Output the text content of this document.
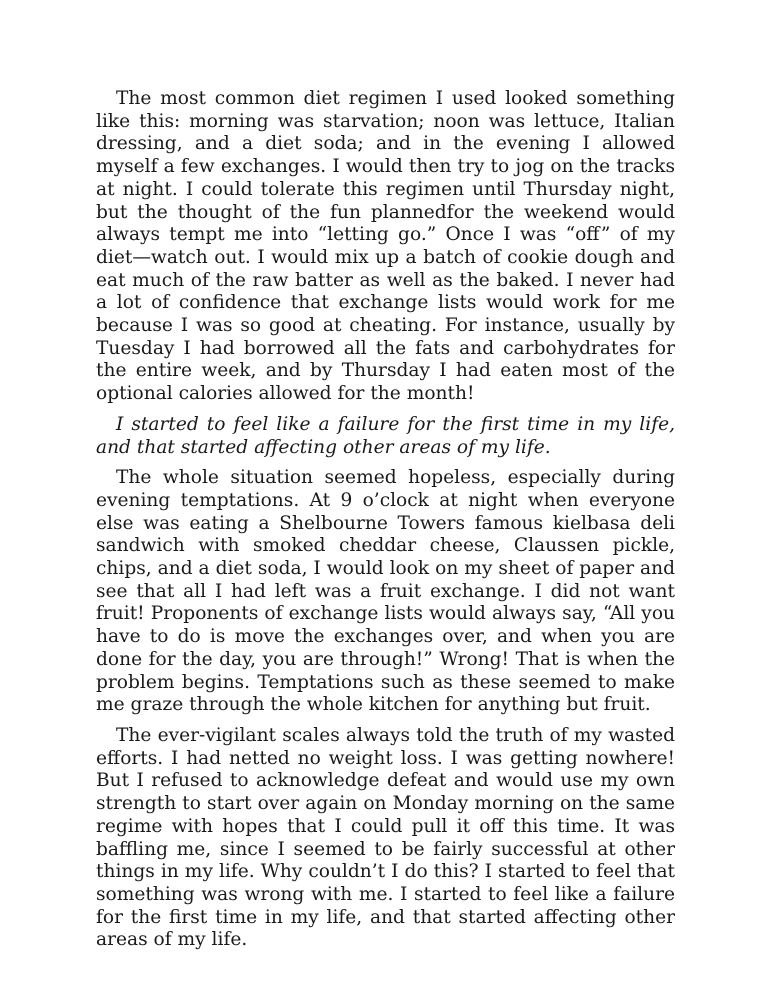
The most common diet regimen I used looked something like this: morning was starvation; noon was lettuce, Italian dressing, and a diet soda; and in the evening I allowed myself a few exchanges. I would then try to jog on the tracks at night. I could tolerate this regimen until Thursday night, but the thought of the fun plannedfor the weekend would always tempt me into “letting go.” Once I was “off” of my diet—watch out. I would mix up a batch of cookie dough and eat much of the raw batter as well as the baked. I never had a lot of confidence that exchange lists would work for me because I was so good at cheating. For instance, usually by Tuesday I had borrowed all the fats and carbohydrates for the entire week, and by Thursday I had eaten most of the optional calories allowed for the month!

I started to feel like a failure for the first time in my life, and that started affecting other areas of my life.

The whole situation seemed hopeless, especially during evening temptations. At 9 o’clock at night when everyone else was eating a Shelbourne Towers famous kielbasa deli sandwich with smoked cheddar cheese, Claussen pickle, chips, and a diet soda, I would look on my sheet of paper and see that all I had left was a fruit exchange. I did not want fruit! Proponents of exchange lists would always say, “All you have to do is move the exchanges over, and when you are done for the day, you are through!” Wrong! That is when the problem begins. Temptations such as these seemed to make me graze through the whole kitchen for anything but fruit.

The ever-vigilant scales always told the truth of my wasted efforts. I had netted no weight loss. I was getting nowhere! But I refused to acknowledge defeat and would use my own strength to start over again on Monday morning on the same regime with hopes that I could pull it off this time. It was baffling me, since I seemed to be fairly successful at other things in my life. Why couldn’t I do this? I started to feel that something was wrong with me. I started to feel like a failure for the first time in my life, and that started affecting other areas of my life.
